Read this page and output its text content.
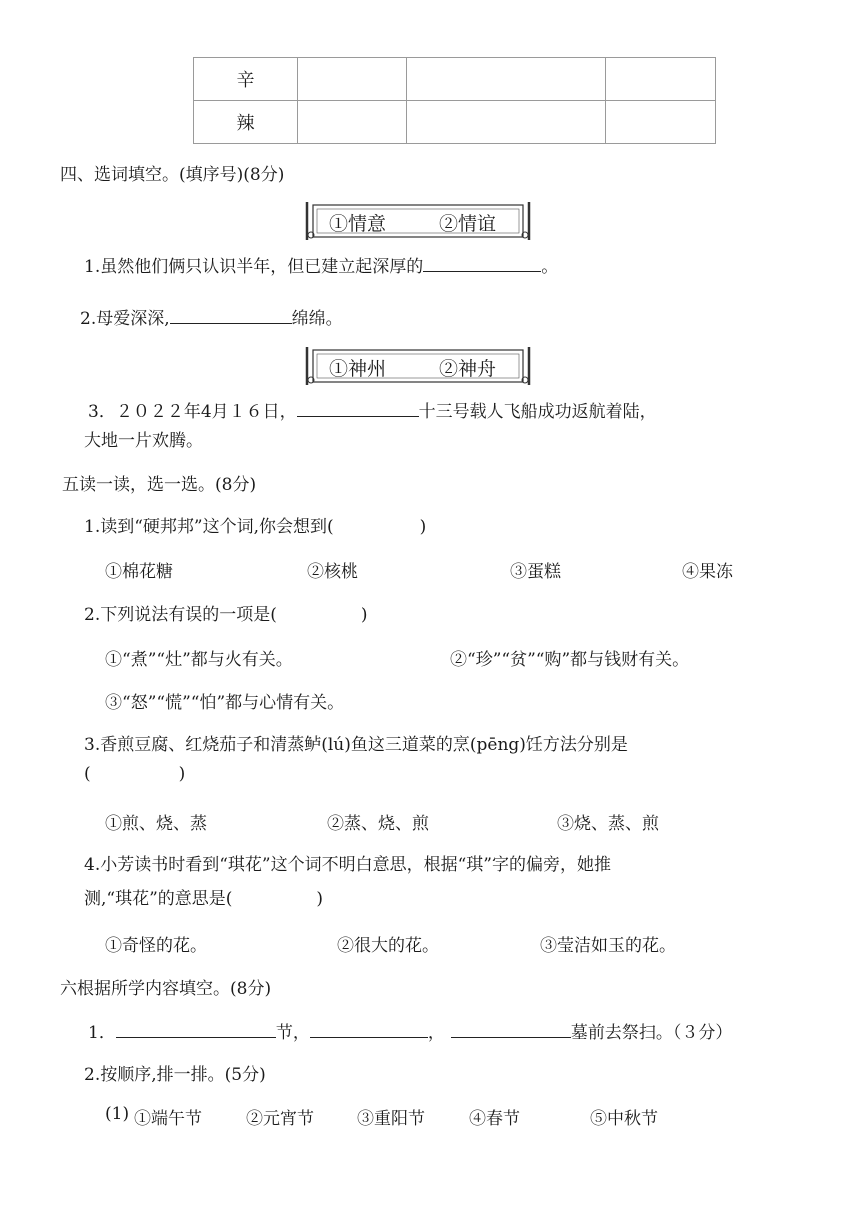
辛			
辣			
四、选词填空。(填序号)(8分)
①情意	②情谊
1.虽然他们俩只认识半年，但已建立起深厚的	。
2.母爱深深,	绵绵。
①神州	②神舟
3．２０２２年4月１６日，	十三号载人飞船成功返航着陆，
大地一片欢腾。
五读一读，选一选。(8分)
1.读到“硬邦邦”这个词,你会想到(	)
①棉花糖	②核桃	③蛋糕	④果冻
2.下列说法有误的一项是(	)
①“煮”“灶”都与火有关。	②“珍”“贫”“购”都与钱财有关。
③“怒”“慌”“怕”都与心情有关。
3.香煎豆腐、红烧茄子和清蒸鲈(lú)鱼这三道菜的烹(pēng)饪方法分别是
(	)
①煎、烧、蒸	②蒸、烧、煎	③烧、蒸、煎
4.小芳读书时看到“琪花”这个词不明白意思，根据“琪”字的偏旁，她推
测,“琪花”的意思是(	)
①奇怪的花。	②很大的花。	③莹洁如玉的花。
六根据所学内容填空。(8分)
1．	节，	，	墓前去祭扫。（３分）
2.按顺序,排一排。(5分)
(1) ①端午节	②元宵节	③重阳节	④春节	⑤中秋节
